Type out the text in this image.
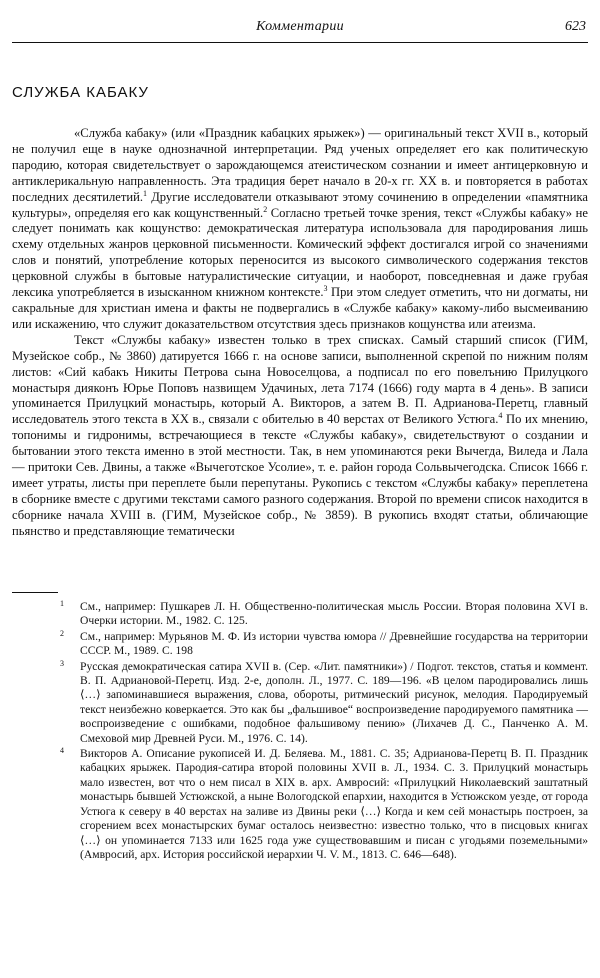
Комментарии	623
СЛУЖБА КАБАКУ

«Служба кабаку» (или «Праздник кабацких ярыжек») — оригинальный текст XVII в., который не получил еще в науке однозначной интерпретации. Ряд ученых определяет его как политическую пародию, которая свидетельствует о зарождающемся атеистическом сознании и имеет антицерковную и антиклерикальную направленность. Эта традиция берет начало в 20-х гг. XX в. и повторяется в работах последних десятилетий.$^1$ Другие исследователи отказывают этому сочинению в определении «памятника культуры», определяя его как кощунственный.$^2$ Согласно третьей точке зрения, текст «Службы кабаку» не следует понимать как кощунство: демократическая литература использовала для пародирования лишь схему отдельных жанров церковной письменности. Комический эффект достигался игрой со значениями слов и понятий, употребление которых переносится из высокого символического содержания текстов церковной службы в бытовые натуралистические ситуации, и наоборот, повседневная и даже грубая лексика употребляется в изысканном книжном контексте.$^3$ При этом следует отметить, что ни догматы, ни сакральные для христиан имена и факты не подвергались в «Службе кабаку» какому-либо высмеиванию или искажению, что служит доказательством отсутствия здесь признаков кощунства или атеизма.

Текст «Службы кабаку» известен только в трех списках. Самый старший список (ГИМ, Музейское собр., № 3860) датируется 1666 г. на основе записи, выполненной скрепой по нижним полям листов: «Сий кабакъ Никиты Петрова сына Новоселцова, а подписал по его повелънию Прилуцкого монастыря дияконъ Юрье Поповъ назвищем Удачиных, лета 7174 (1666) году марта в 4 день». В записи упоминается Прилуцкий монастырь, который А. Викторов, а затем В. П. Адрианова-Перетц, главный исследователь этого текста в XX в., связали с обителью в 40 верстах от Великого Устюга.$^4$ По их мнению, топонимы и гидронимы, встречающиеся в тексте «Службы кабаку», свидетельствуют о создании и бытовании этого текста именно в этой местности. Так, в нем упоминаются реки Вычегда, Виледа и Лала — притоки Сев. Двины, а также «Вычеготское Усолие», т. е. район города Сольвычегодска. Список 1666 г. имеет утраты, листы при переплете были перепутаны. Рукопись с текстом «Службы кабаку» переплетена в сборнике вместе с другими текстами самого разного содержания. Второй по времени список находится в сборнике начала XVIII в. (ГИМ, Музейское собр., № 3859). В рукопись входят статьи, обличающие пьянство и представляющие тематически

1 См., например: Пушкарев Л. Н. Общественно-политическая мысль России. Вторая половина XVI в. Очерки истории. М., 1982. С. 125.
2 См., например: Мурьянов М. Ф. Из истории чувства юмора // Древнейшие государства на территории СССР. М., 1989. С. 198
3 Русская демократическая сатира XVII в. (Сер. «Лит. памятники») / Подгот. текстов, статья и коммент. В. П. Адриановой-Перетц. Изд. 2-е, дополн. Л., 1977. С. 189—196. «В целом пародировались лишь ⟨…⟩ запоминавшиеся выражения, слова, обороты, ритмический рисунок, мелодия. Пародируемый текст неизбежно коверкается. Это как бы „фальшивое“ воспроизведение пародируемого памятника — воспроизведение с ошибками, подобное фальшивому пению» (Лихачев Д. С., Панченко А. М. Смеховой мир Древней Руси. М., 1976. С. 14).
4 Викторов А. Описание рукописей И. Д. Беляева. М., 1881. С. 35; Адрианова-Перетц В. П. Праздник кабацких ярыжек. Пародия-сатира второй половины XVII в. Л., 1934. С. 3. Прилуцкий монастырь мало известен, вот что о нем писал в XIX в. арх. Амвросий: «Прилуцкий Николаевский заштатный монастырь бывшей Устюжской, а ныне Вологодской епархии, находится в Устюжском уезде, от города Устюга к северу в 40 верстах на заливе из Двины реки ⟨…⟩ Когда и кем сей монастырь построен, за сгорением всех монастырских бумаг осталось неизвестно: известно только, что в писцовых книгах ⟨…⟩ он упоминается 7133 или 1625 года уже существовавшим и писан с угодьями поземельными» (Амвросий, арх. История российской иерархии Ч. V. М., 1813. С. 646—648).
